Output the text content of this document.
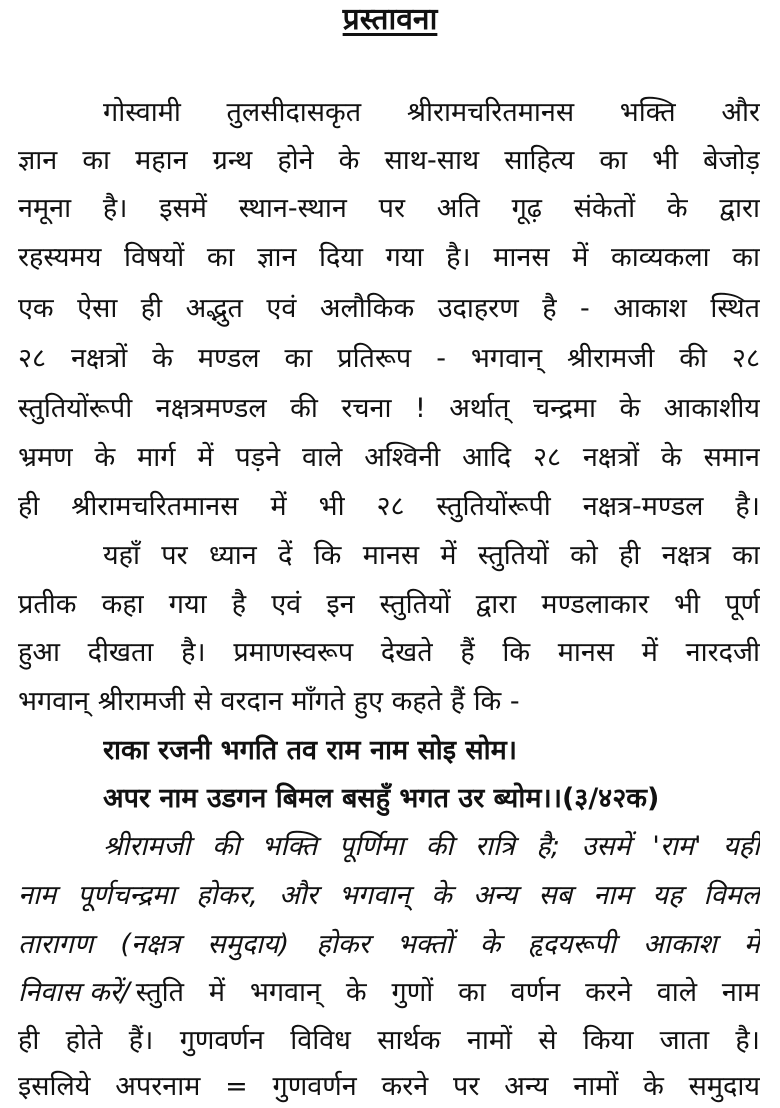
प्रस्तावना
गोस्वामी तुलसीदासकृत श्रीरामचरितमानस भक्ति और
ज्ञान का महान ग्रन्थ होने के साथ-साथ साहित्य का भी बेजोड़
नमूना है। इसमें स्थान-स्थान पर अति गूढ़ संकेतों के द्वारा
रहस्यमय विषयों का ज्ञान दिया गया है। मानस में काव्यकला का
एक ऐसा ही अद्भुत एवं अलौकिक उदाहरण है - आकाश स्थित
२८ नक्षत्रों के मण्डल का प्रतिरूप - भगवान् श्रीरामजी की २८
स्तुतियोंरूपी नक्षत्रमण्डल की रचना ! अर्थात् चन्द्रमा के आकाशीय
भ्रमण के मार्ग में पड़ने वाले अश्विनी आदि २८ नक्षत्रों के समान
ही श्रीरामचरितमानस में भी २८ स्तुतियोंरूपी नक्षत्र-मण्डल है।
यहाँ पर ध्यान दें कि मानस में स्तुतियों को ही नक्षत्र का
प्रतीक कहा गया है एवं इन स्तुतियों द्वारा मण्डलाकार भी पूर्ण
हुआ दीखता है। प्रमाणस्वरूप देखते हैं कि मानस में नारदजी
भगवान् श्रीरामजी से वरदान माँगते हुए कहते हैं कि -
राका रजनी भगति तव राम नाम सोइ सोम।
अपर नाम उडगन बिमल बसहुँ भगत उर ब्योम।।(३/४२क)
श्रीरामजी की भक्ति पूर्णिमा की रात्रि है; उसमें 'राम' यही
नाम पूर्णचन्द्रमा होकर, और भगवान् के अन्य सब नाम यह विमल
तारागण (नक्षत्र समुदाय) होकर भक्तों के हृदयरूपी आकाश में
निवास करें/ स्तुति में भगवान् के गुणों का वर्णन करने वाले नाम
ही होते हैं। गुणवर्णन विविध सार्थक नामों से किया जाता है।
इसलिये अपरनाम = गुणवर्णन करने पर अन्य नामों के समुदाय
